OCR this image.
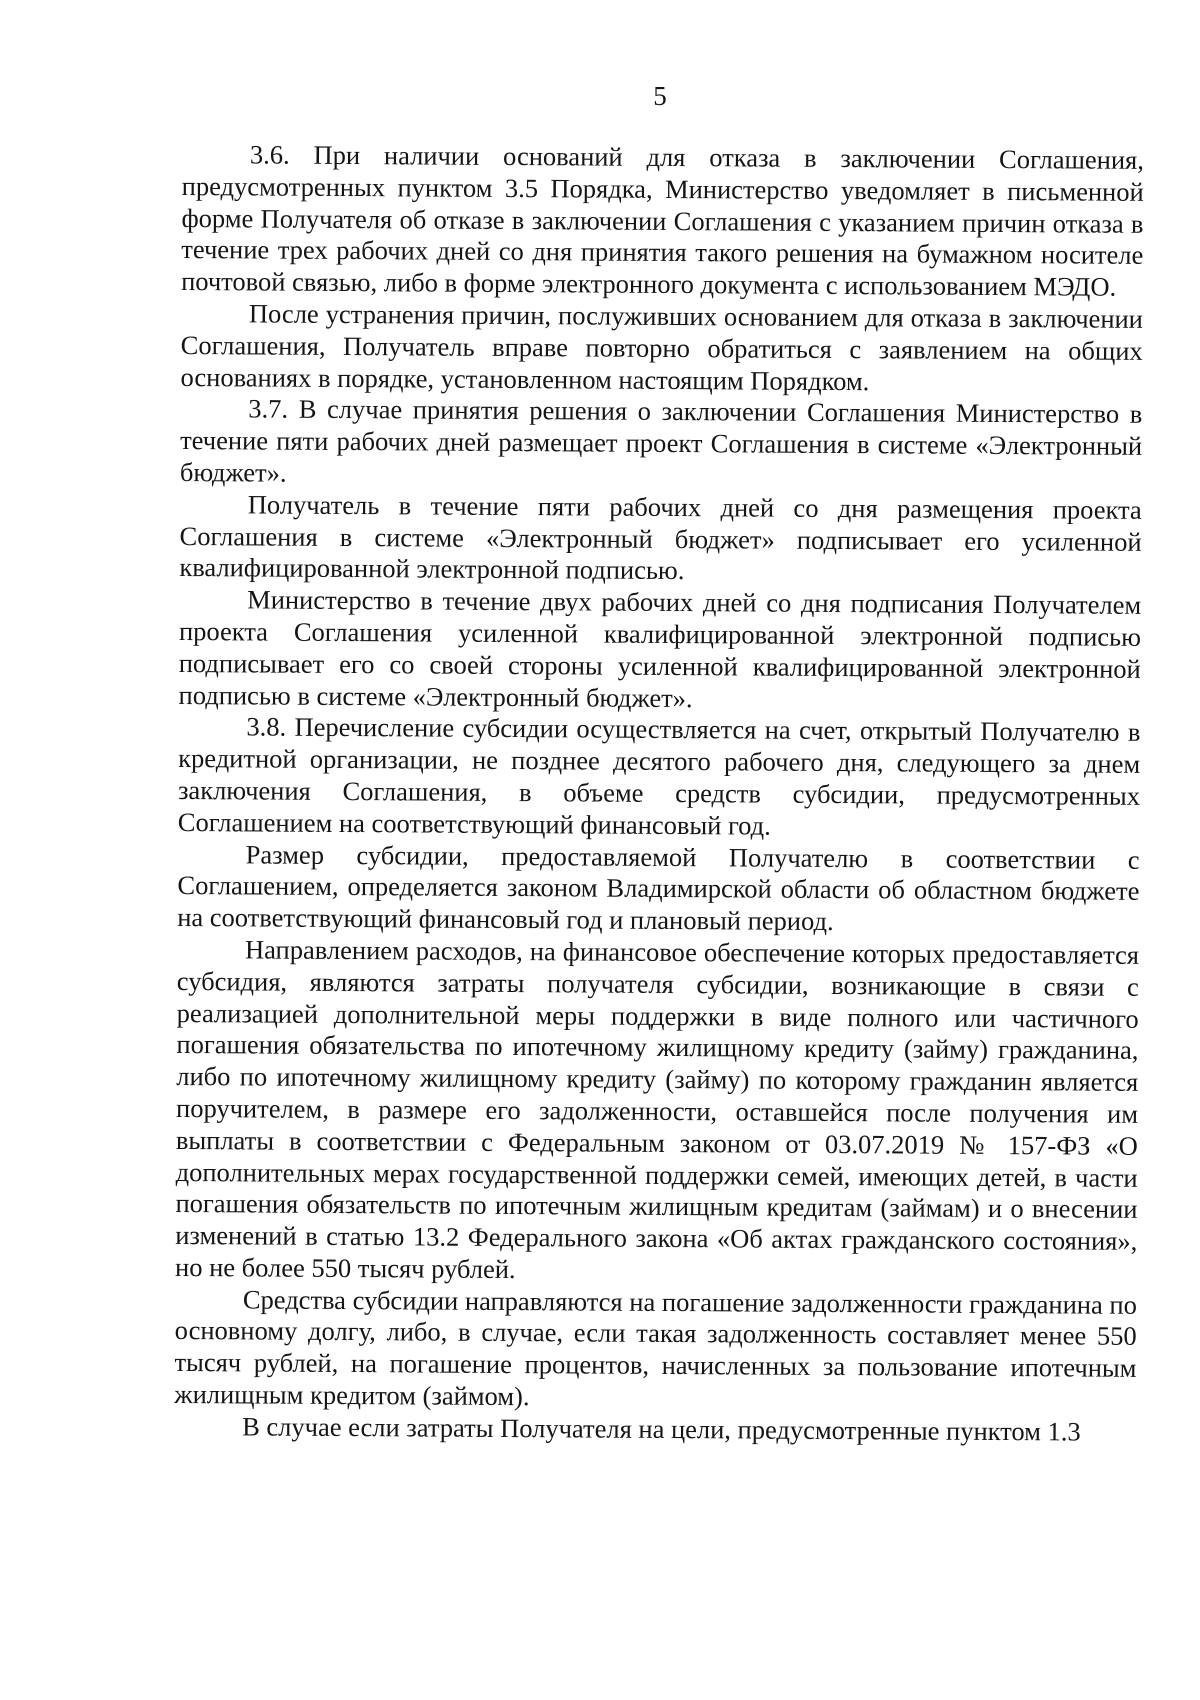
5

3.6. При наличии оснований для отказа в заключении Соглашения, предусмотренных пунктом 3.5 Порядка, Министерство уведомляет в письменной форме Получателя об отказе в заключении Соглашения с указанием причин отказа в течение трех рабочих дней со дня принятия такого решения на бумажном носителе почтовой связью, либо в форме электронного документа с использованием МЭДО.

После устранения причин, послуживших основанием для отказа в заключении Соглашения, Получатель вправе повторно обратиться с заявлением на общих основаниях в порядке, установленном настоящим Порядком.

3.7. В случае принятия решения о заключении Соглашения Министерство в течение пяти рабочих дней размещает проект Соглашения в системе «Электронный бюджет».

Получатель в течение пяти рабочих дней со дня размещения проекта Соглашения в системе «Электронный бюджет» подписывает его усиленной квалифицированной электронной подписью.

Министерство в течение двух рабочих дней со дня подписания Получателем проекта Соглашения усиленной квалифицированной электронной подписью подписывает его со своей стороны усиленной квалифицированной электронной подписью в системе «Электронный бюджет».

3.8. Перечисление субсидии осуществляется на счет, открытый Получателю в кредитной организации, не позднее десятого рабочего дня, следующего за днем заключения Соглашения, в объеме средств субсидии, предусмотренных Соглашением на соответствующий финансовый год.

Размер субсидии, предоставляемой Получателю в соответствии с Соглашением, определяется законом Владимирской области об областном бюджете на соответствующий финансовый год и плановый период.

Направлением расходов, на финансовое обеспечение которых предоставляется субсидия, являются затраты получателя субсидии, возникающие в связи с реализацией дополнительной меры поддержки в виде полного или частичного погашения обязательства по ипотечному жилищному кредиту (займу) гражданина, либо по ипотечному жилищному кредиту (займу) по которому гражданин является поручителем, в размере его задолженности, оставшейся после получения им выплаты в соответствии с Федеральным законом от 03.07.2019 № 157-ФЗ «О дополнительных мерах государственной поддержки семей, имеющих детей, в части погашения обязательств по ипотечным жилищным кредитам (займам) и о внесении изменений в статью 13.2 Федерального закона «Об актах гражданского состояния», но не более 550 тысяч рублей.

Средства субсидии направляются на погашение задолженности гражданина по основному долгу, либо, в случае, если такая задолженность составляет менее 550 тысяч рублей, на погашение процентов, начисленных за пользование ипотечным жилищным кредитом (займом).

В случае если затраты Получателя на цели, предусмотренные пунктом 1.3
